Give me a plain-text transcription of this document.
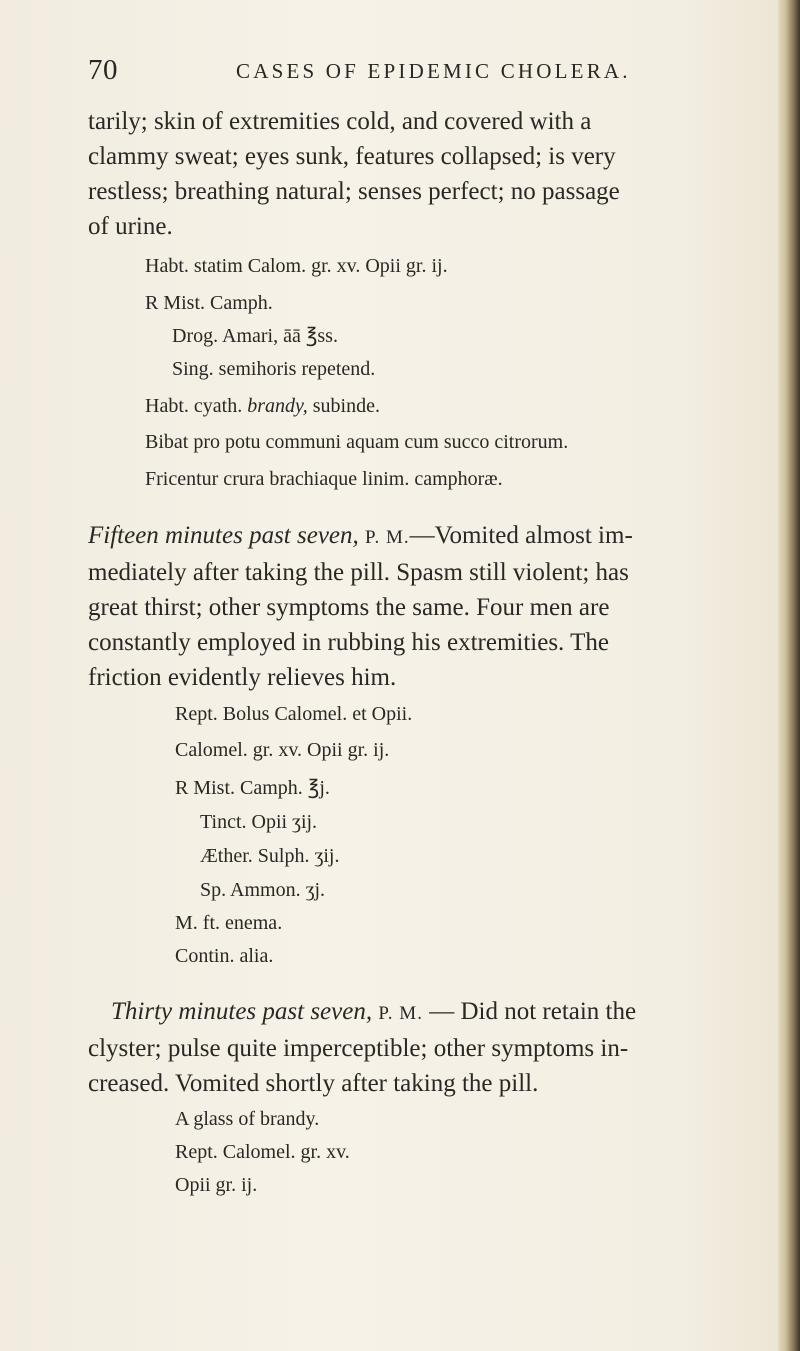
70	CASES OF EPIDEMIC CHOLERA.
tarily; skin of extremities cold, and covered with a
clammy sweat; eyes sunk, features collapsed; is very
restless; breathing natural; senses perfect; no passage
of urine.
Habt. statim Calom. gr. xv. Opii gr. ij.
R Mist. Camph.
Drog. Amari, āā ℥ss.
Sing. semihoris repetend.
Habt. cyath. brandy, subinde.
Bibat pro potu communi aquam cum succo citrorum.
Fricentur crura brachiaque linim. camphoræ.
Fifteen minutes past seven, P. M.—Vomited almost im-
mediately after taking the pill. Spasm still violent; has
great thirst; other symptoms the same. Four men are
constantly employed in rubbing his extremities. The
friction evidently relieves him.
Rept. Bolus Calomel. et Opii.
Calomel. gr. xv. Opii gr. ij.
R Mist. Camph. ℥j.
Tinct. Opii ʒij.
Æther. Sulph. ʒij.
Sp. Ammon. ʒj.
M. ft. enema.
Contin. alia.
Thirty minutes past seven, P. M. — Did not retain the
clyster; pulse quite imperceptible; other symptoms in-
creased. Vomited shortly after taking the pill.
A glass of brandy.
Rept. Calomel. gr. xv.
Opii gr. ij.
